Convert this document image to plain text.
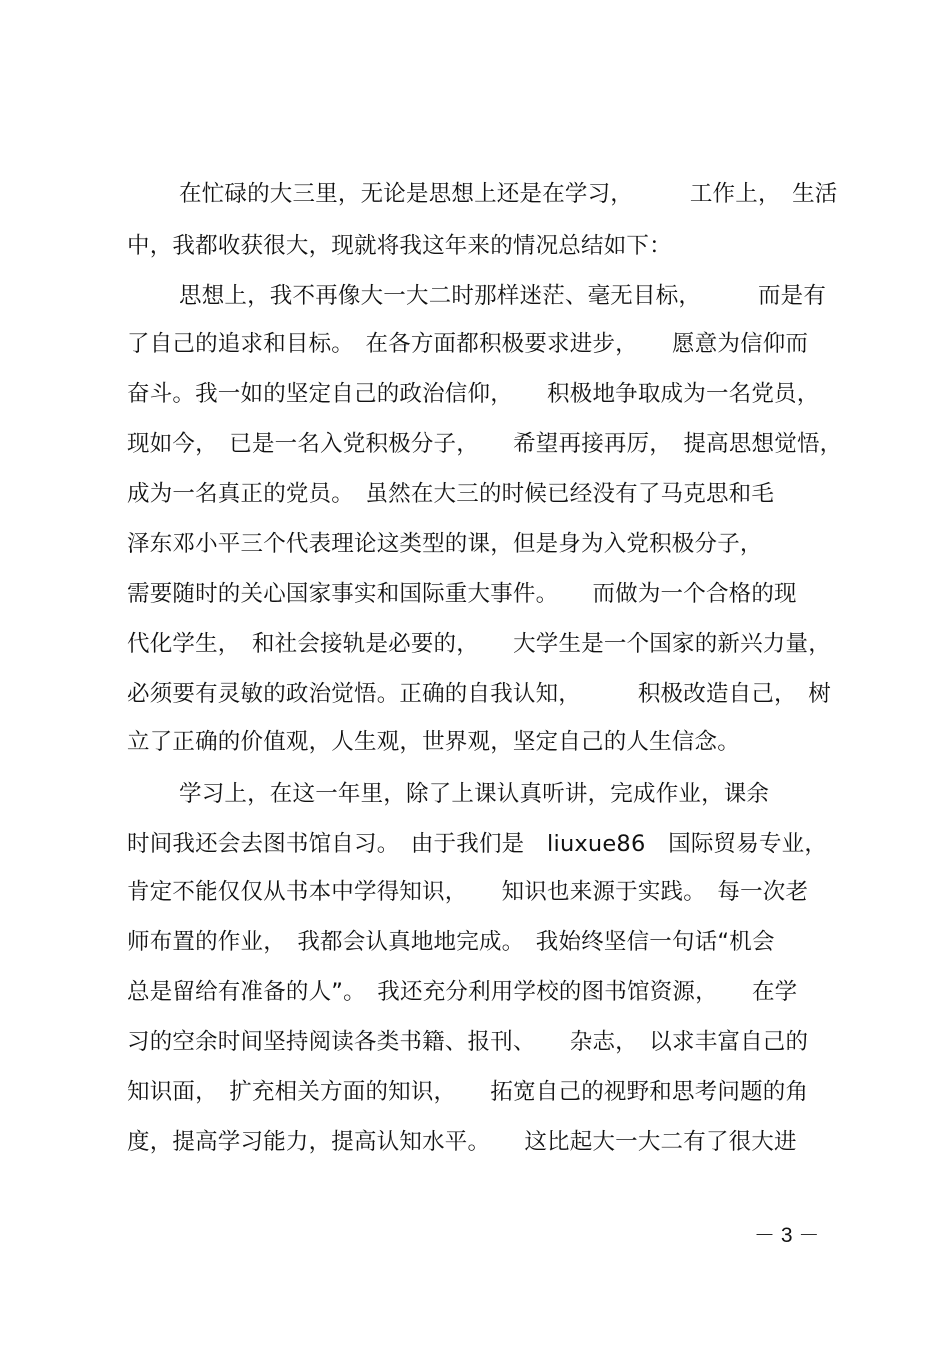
在忙碌的大三里，无论是思想上还是在学习，　　　工作上，　生活
中，我都收获很大，现就将我这年来的情况总结如下：
思想上，我不再像大一大二时那样迷茫、毫无目标，　　　而是有
了自己的追求和目标。　在各方面都积极要求进步，　　愿意为信仰而
奋斗。我一如的坚定自己的政治信仰，　　积极地争取成为一名党员，
现如今，　已是一名入党积极分子，　　希望再接再厉，　提高思想觉悟，
成为一名真正的党员。　虽然在大三的时候已经没有了马克思和毛
泽东邓小平三个代表理论这类型的课，但是身为入党积极分子，
需要随时的关心国家事实和国际重大事件。　　而做为一个合格的现
代化学生，　和社会接轨是必要的，　　大学生是一个国家的新兴力量，
必须要有灵敏的政治觉悟。正确的自我认知，　　　积极改造自己，　树
立了正确的价值观，人生观，世界观，坚定自己的人生信念。
学习上，在这一年里，除了上课认真听讲，完成作业，课余
时间我还会去图书馆自习。　由于我们是　liuxue86　国际贸易专业，
肯定不能仅仅从书本中学得知识，　　知识也来源于实践。　每一次老
师布置的作业，　我都会认真地地完成。　我始终坚信一句话“机会
总是留给有准备的人”。　我还充分利用学校的图书馆资源，　　在学
习的空余时间坚持阅读各类书籍、报刊、　　杂志，　以求丰富自己的
知识面，　扩充相关方面的知识，　　拓宽自己的视野和思考问题的角
度，提高学习能力，提高认知水平。　　这比起大一大二有了很大进
－ 3 －
